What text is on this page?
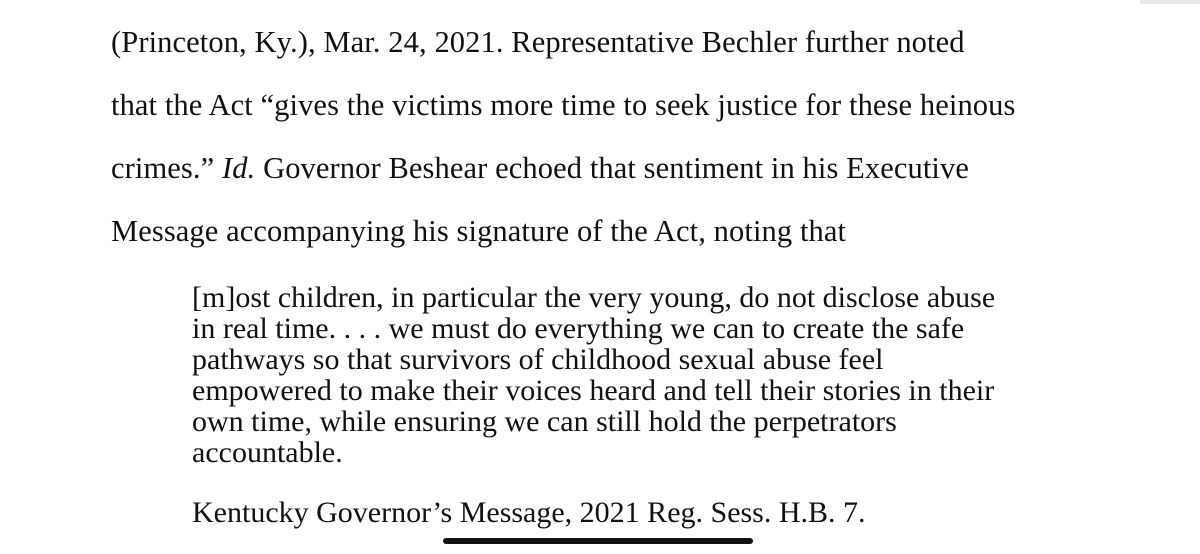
(Princeton, Ky.), Mar. 24, 2021. Representative Bechler further noted
that the Act “gives the victims more time to seek justice for these heinous
crimes.” Id. Governor Beshear echoed that sentiment in his Executive
Message accompanying his signature of the Act, noting that
[m]ost children, in particular the very young, do not disclose abuse
in real time. . . . we must do everything we can to create the safe
pathways so that survivors of childhood sexual abuse feel
empowered to make their voices heard and tell their stories in their
own time, while ensuring we can still hold the perpetrators
accountable.
Kentucky Governor’s Message, 2021 Reg. Sess. H.B. 7.
